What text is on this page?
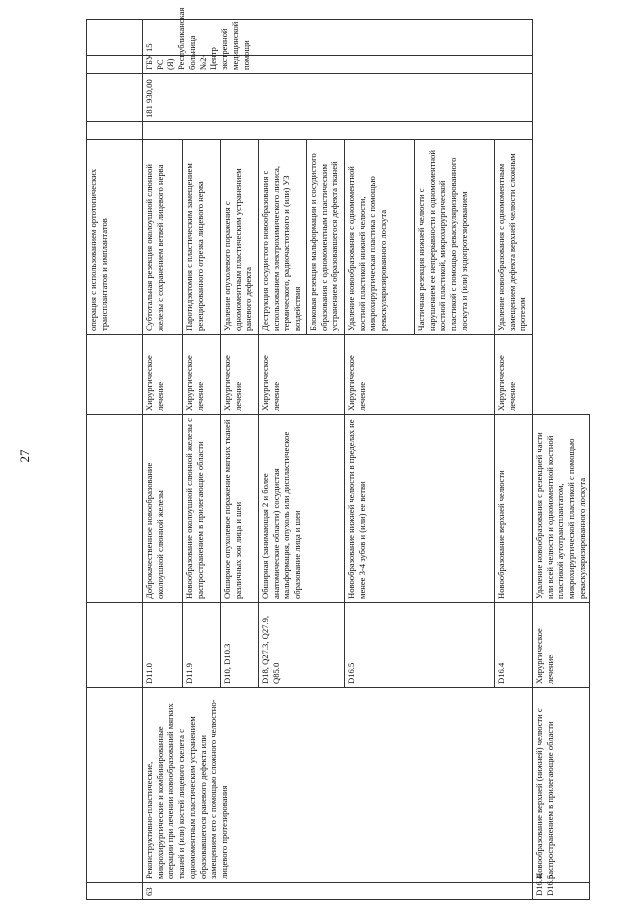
27
					операция с использованием ортотопических трансплантатов и имплантатов				
63	Реконструктивно-пластические, микрохирургические и комбинированные операции при лечении новообразований мягких тканей и (или) костей лицевого скелета с одномоментным пластическим устранением образовавшегося раневого дефекта или замещением его с помощью сложного челюстно-лицевого протезирования	D11.0	Доброкачественное новообразование околоушной слюнной железы	Хирургическое лечение	Субтотальная резекция околоушной слюнной железы с сохранением ветвей лицевого нерва		181 930,00	ГБУ РС (Я) Республиканская больница №2-Центр экстренной медицинской помощи	15
		D11.9	Новообразование околоушной слюнной железы с распространением в прилегающие области	Хирургическое лечение	Паротидэктомия с пластическим замещением резецированного отрезка лицевого нерва				
		D10, D10.3	Обширное опухолевое поражение мягких тканей различных зон лица и шеи	Хирургическое лечение	Удаление опухолевого поражения с одномоментным пластическим устранением раневого дефекта				
		D18, Q27.3, Q27.9, Q85.0	Обширная (занимающая 2 и более анатомические области) сосудистая мальформация, опухоль или диспластическое образование лица и шеи	Хирургическое лечение	Деструкция сосудистого новообразования с использованием электрохимического лизиса, термического, радиочастотного и (или) УЗ воздействия				
					Блоковая резекция мальформации и сосудистого образования с одномоментным пластическим устранением образовавшегося дефекта тканей				
		D16.5	Новообразование нижней челюсти в пределах не менее 3-4 зубов и (или) ее ветви	Хирургическое лечение	Удаление новообразования с одномоментной костной пластикой нижней челюсти, микрохирургическая пластика с помощью реваскуляризированного лоскута				
					Частичная резекция нижней челюсти с нарушением ее непрерывности и одномоментной костной пластикой, микрохирургической пластикой с помощью реваскуляризированного лоскута и (или) эндопротезированием				
		D16.4	Новообразование верхней челюсти	Хирургическое лечение	Удаление новообразования с одномоментным замещением дефекта верхней челюсти сложным протезом				
D16.4, D16.5	Новообразование верхней (нижней) челюсти с распространением в прилегающие области	Хирургическое лечение	Удаление новообразования с резекцией части или всей челюсти и одномоментной костной пластикой аутотрансплантатом, микрохирургической пластикой с помощью реваскуляризированного лоскута						
